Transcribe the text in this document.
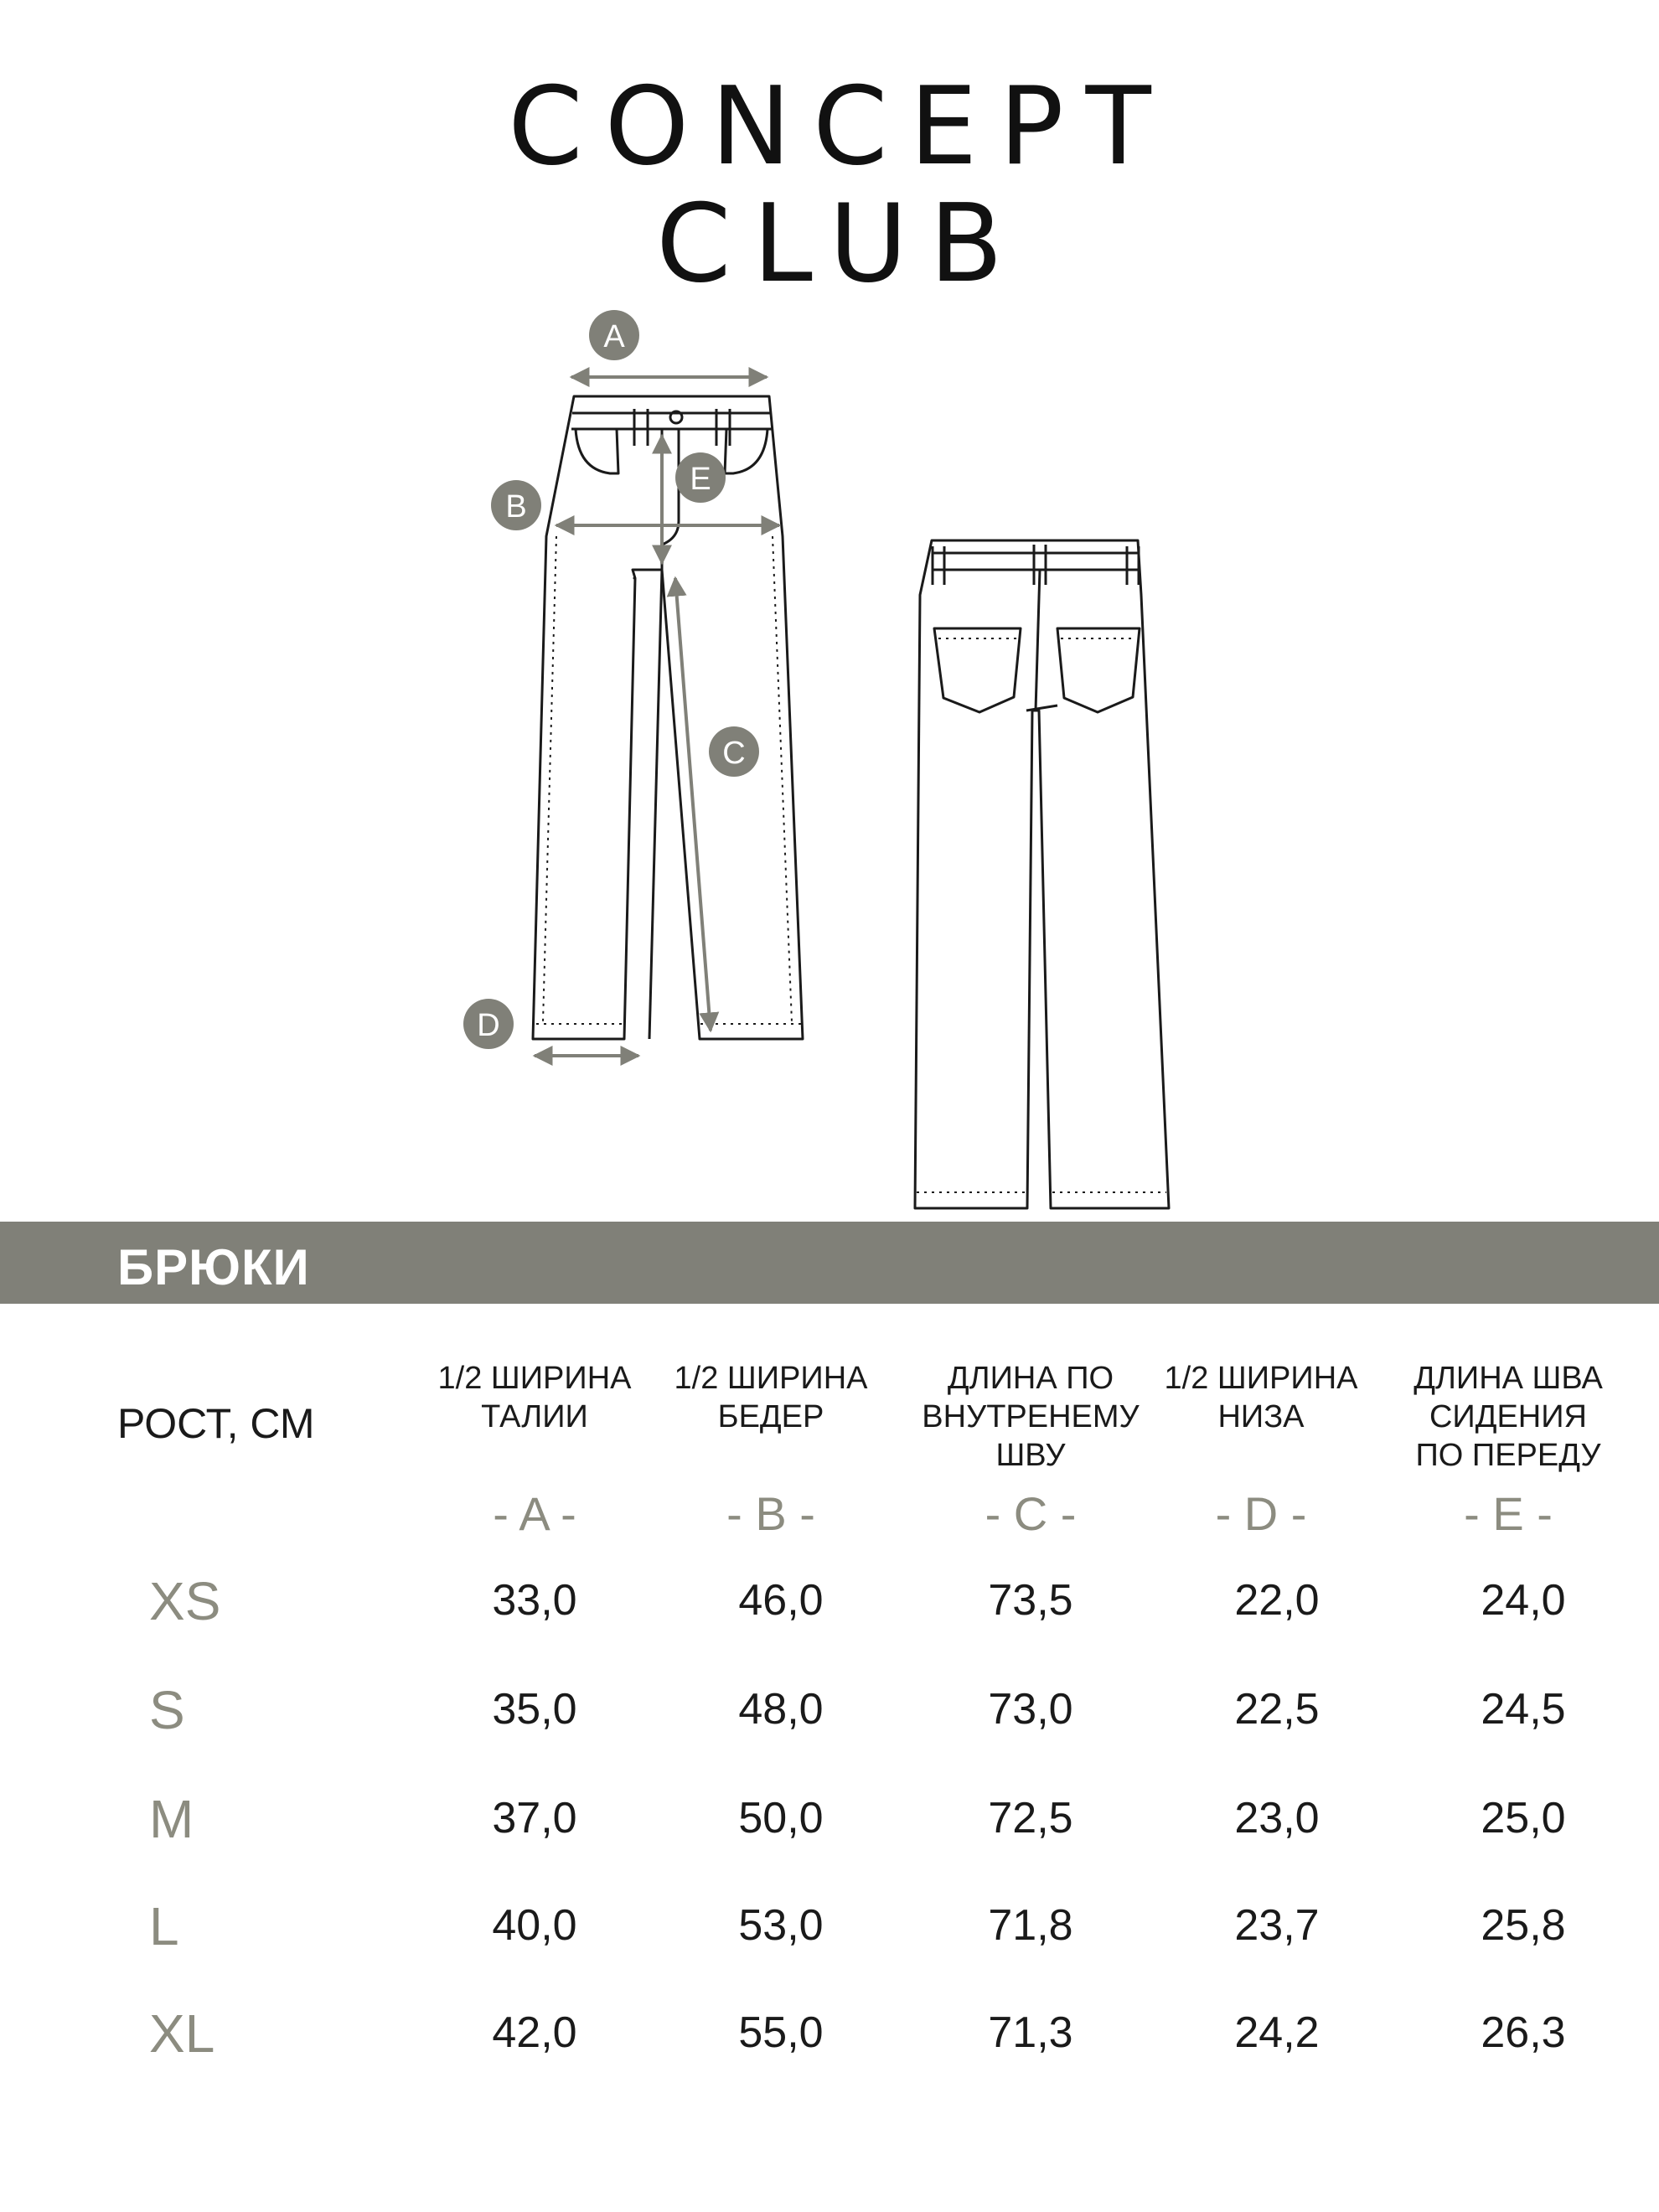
CONCEPT
CLUB
A
B
C
D
E
БРЮКИ
РОСТ, СМ
1/2 ШИРИНА
ТАЛИИ
- A -
1/2 ШИРИНА
БЕДЕР
- B -
ДЛИНА ПО
ВНУТРЕНЕМУ
ШВУ
- C -
1/2 ШИРИНА
НИЗА
- D -
ДЛИНА ШВА
СИДЕНИЯ
ПО ПЕРЕДУ
- E -
XS	33,0	46,0	73,5	22,0	24,0
S	35,0	48,0	73,0	22,5	24,5
M	37,0	50,0	72,5	23,0	25,0
L	40,0	53,0	71,8	23,7	25,8
XL	42,0	55,0	71,3	24,2	26,3
